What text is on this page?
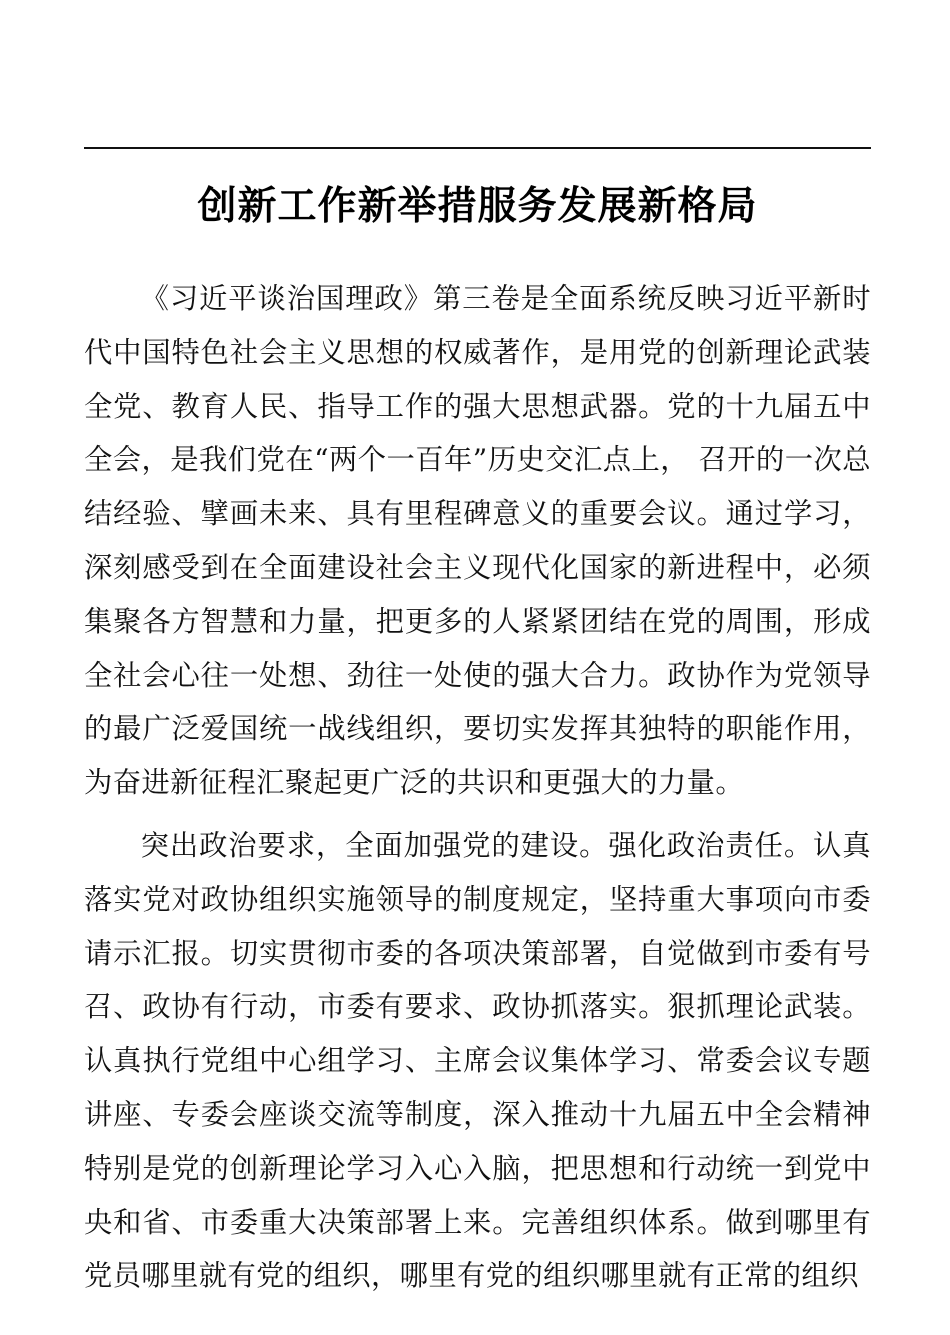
创新工作新举措服务发展新格局

《习近平谈治国理政》第三卷是全面系统反映习近平新时代中国特色社会主义思想的权威著作，是用党的创新理论武装全党、教育人民、指导工作的强大思想武器。党的十九届五中全会，是我们党在“两个一百年”历史交汇点上， 召开的一次总结经验、擘画未来、具有里程碑意义的重要会议。通过学习，深刻感受到在全面建设社会主义现代化国家的新进程中，必须集聚各方智慧和力量，把更多的人紧紧团结在党的周围，形成全社会心往一处想、劲往一处使的强大合力。政协作为党领导的最广泛爱国统一战线组织，要切实发挥其独特的职能作用，为奋进新征程汇聚起更广泛的共识和更强大的力量。

突出政治要求，全面加强党的建设。强化政治责任。认真落实党对政协组织实施领导的制度规定，坚持重大事项向市委请示汇报。切实贯彻市委的各项决策部署，自觉做到市委有号召、政协有行动，市委有要求、政协抓落实。狠抓理论武装。认真执行党组中心组学习、主席会议集体学习、常委会议专题讲座、专委会座谈交流等制度，深入推动十九届五中全会精神特别是党的创新理论学习入心入脑，把思想和行动统一到党中央和省、市委重大决策部署上来。完善组织体系。做到哪里有党员哪里就有党的组织，哪里有党的组织哪里就有正常的组织
